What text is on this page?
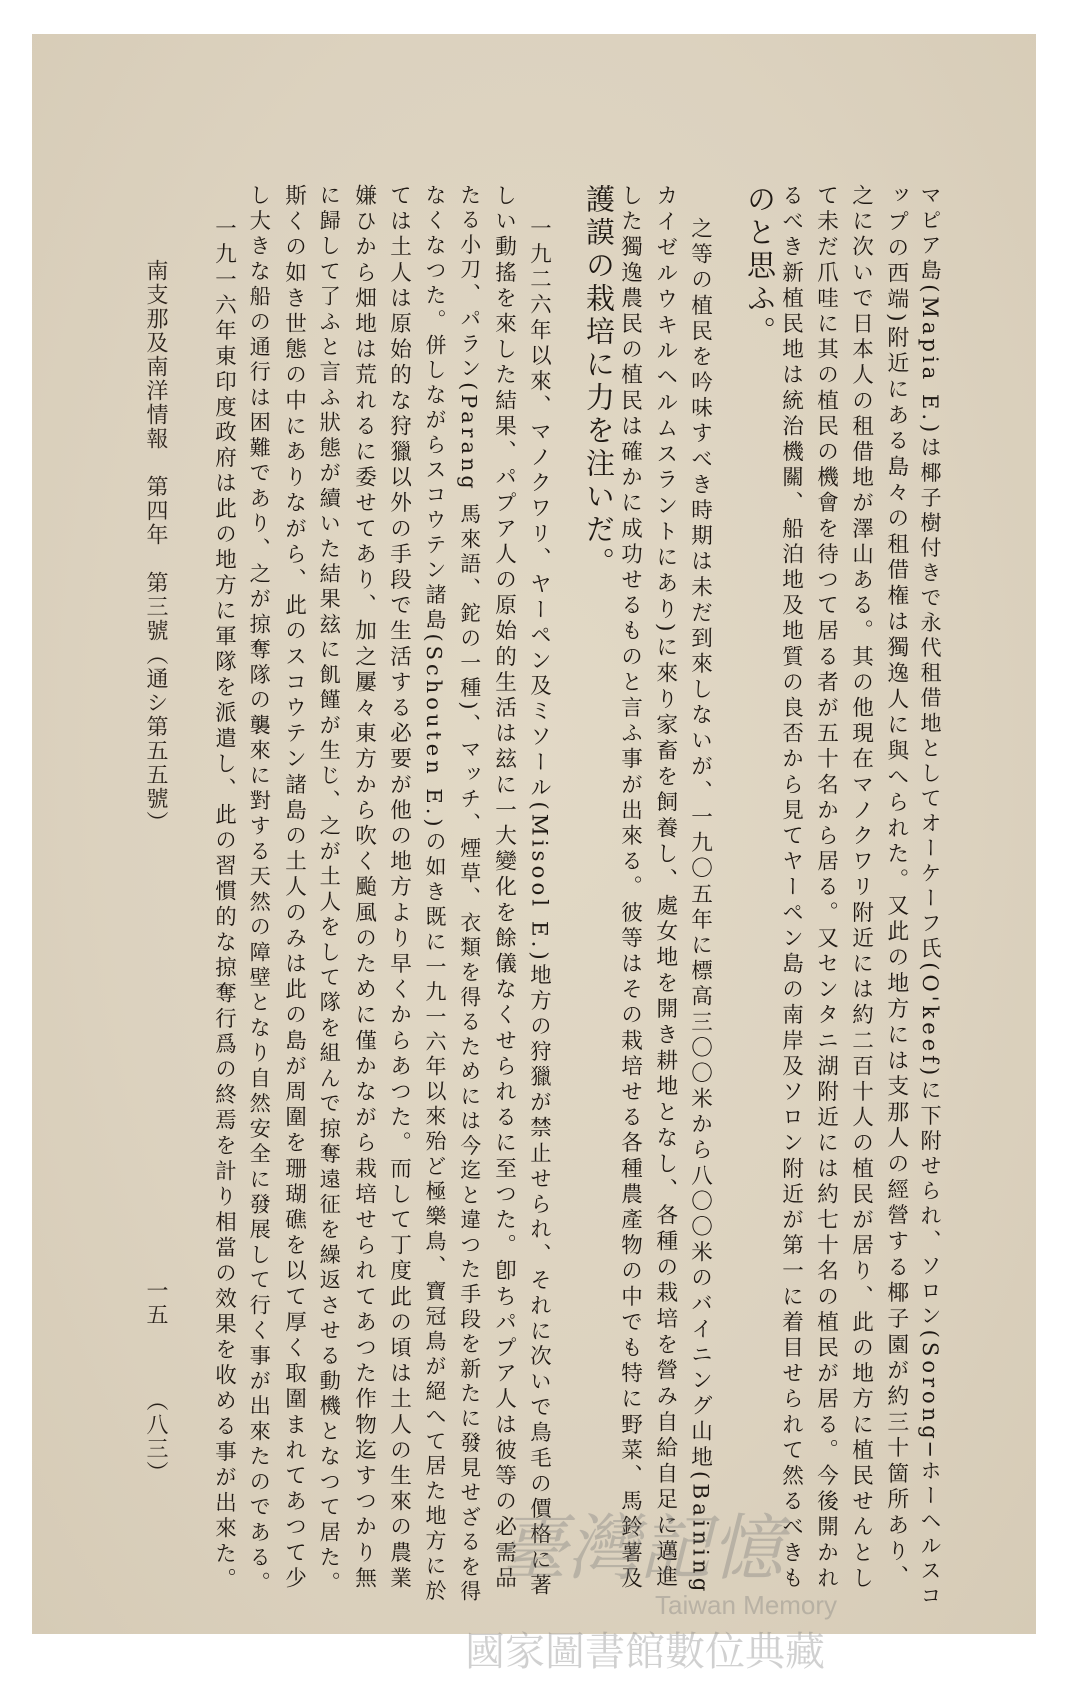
マピア島(Mapia E.)は椰子樹付きで永代租借地としてオーケーフ氏(O'keef)に下附せられ、ソロン(Sorong─ホーヘルスコ
ップの西端)附近にある島々の租借権は獨逸人に與へられた。又此の地方には支那人の經營する椰子園が約三十箇所あり、
之に次いで日本人の租借地が澤山ある。其の他現在マノクワリ附近には約二百十人の植民が居り、此の地方に植民せんとし
て未だ爪哇に其の植民の機會を待つて居る者が五十名から居る。又センタニ湖附近には約七十名の植民が居る。今後開かれ
るべき新植民地は統治機關、船泊地及地質の良否から見てヤーペン島の南岸及ソロン附近が第一に着目せられて然るべきも
のと思ふ。
之等の植民を吟味すべき時期は未だ到來しないが、一九〇五年に標高三〇〇米から八〇〇米のバイニング山地(Baining
カイゼルウキルヘルムスラントにあり)に來り家畜を飼養し、處女地を開き耕地となし、各種の栽培を營み自給自足に邁進
した獨逸農民の植民は確かに成功せるものと言ふ事が出來る。彼等はその栽培せる各種農產物の中でも特に野菜、馬鈴薯及
護謨の栽培に力を注いだ。
一九二六年以來、マノクワリ、ヤーペン及ミソール(Misool E.)地方の狩獵が禁止せられ、それに次いで鳥毛の價格に著
しい動搖を來した結果、パプア人の原始的生活は玆に一大變化を餘儀なくせられるに至つた。卽ちパプア人は彼等の必需品
たる小刀、パラン(Parang 馬來語、鉈の一種)、マッチ、煙草、衣類を得るためには今迄と違つた手段を新たに發見せざるを得
なくなつた。併しながらスコウテン諸島(Schouten E.)の如き既に一九一六年以來殆ど極樂鳥、寶冠鳥が絕へて居た地方に於
ては土人は原始的な狩獵以外の手段で生活する必要が他の地方より早くからあつた。而して丁度此の頃は土人の生來の農業
嫌ひから畑地は荒れるに委せてあり、加之屢々東方から吹く颱風のために僅かながら栽培せられてあつた作物迄すつかり無
に歸して了ふと言ふ狀態が續いた結果玆に飢饉が生じ、之が土人をして隊を組んで掠奪遠征を繰返させる動機となつて居た。
斯くの如き世態の中にありながら、此のスコウテン諸島の土人のみは此の島が周圍を珊瑚礁を以て厚く取圍まれてあつて少
し大きな船の通行は困難であり、之が掠奪隊の襲來に對する天然の障壁となり自然安全に發展して行く事が出來たのである。
一九一六年東印度政府は此の地方に軍隊を派遣し、此の習慣的な掠奪行爲の終焉を計り相當の效果を收める事が出來た。
南支那及南洋情報　第四年　第三號（通シ第五五號）
一五
（八三）
臺灣記憶
Taiwan Memory
國家圖書館數位典藏
